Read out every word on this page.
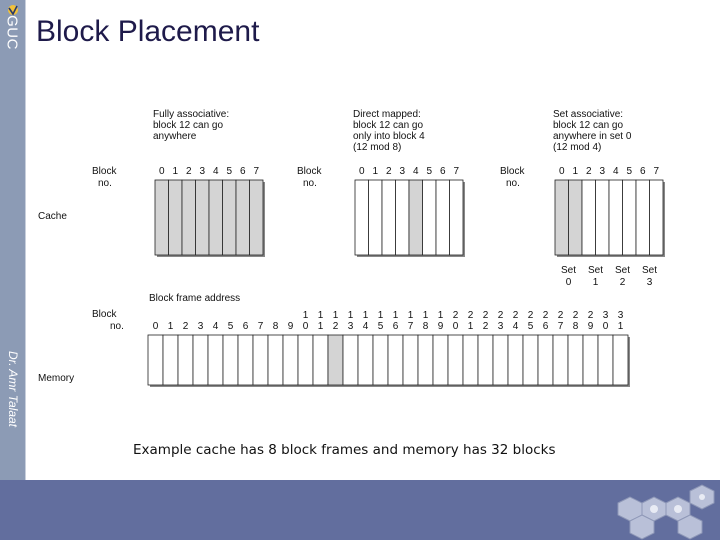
GUC
Dr. Amr Talaat
Block Placement
Fully associative:
block 12 can go
anywhere
Block
no.
0 1 2 3 4 5 6 7
Direct mapped:
block 12 can go
only into block 4
(12 mod 8)
Block
no.
0 1 2 3 4 5 6 7
Set associative:
block 12 can go
anywhere in set 0
(12 mod 4)
Block
no.
0 1 2 3 4 5 6 7
Set
0
Set
1
Set
2
Set
3
Cache
Block frame address
Block
no.	0 1 2 3 4 5 6 7 8 9
1
0
1
1
1
2
1
3
1
4
1
5
1
6
1
7
1
8
1
9
2
0
2
1
2
2
2
3
2
4
2
5
2
6
2
7
2
8
2
9
3
0
3
1
Memory
Example cache has 8 block frames and memory has 32 blocks
